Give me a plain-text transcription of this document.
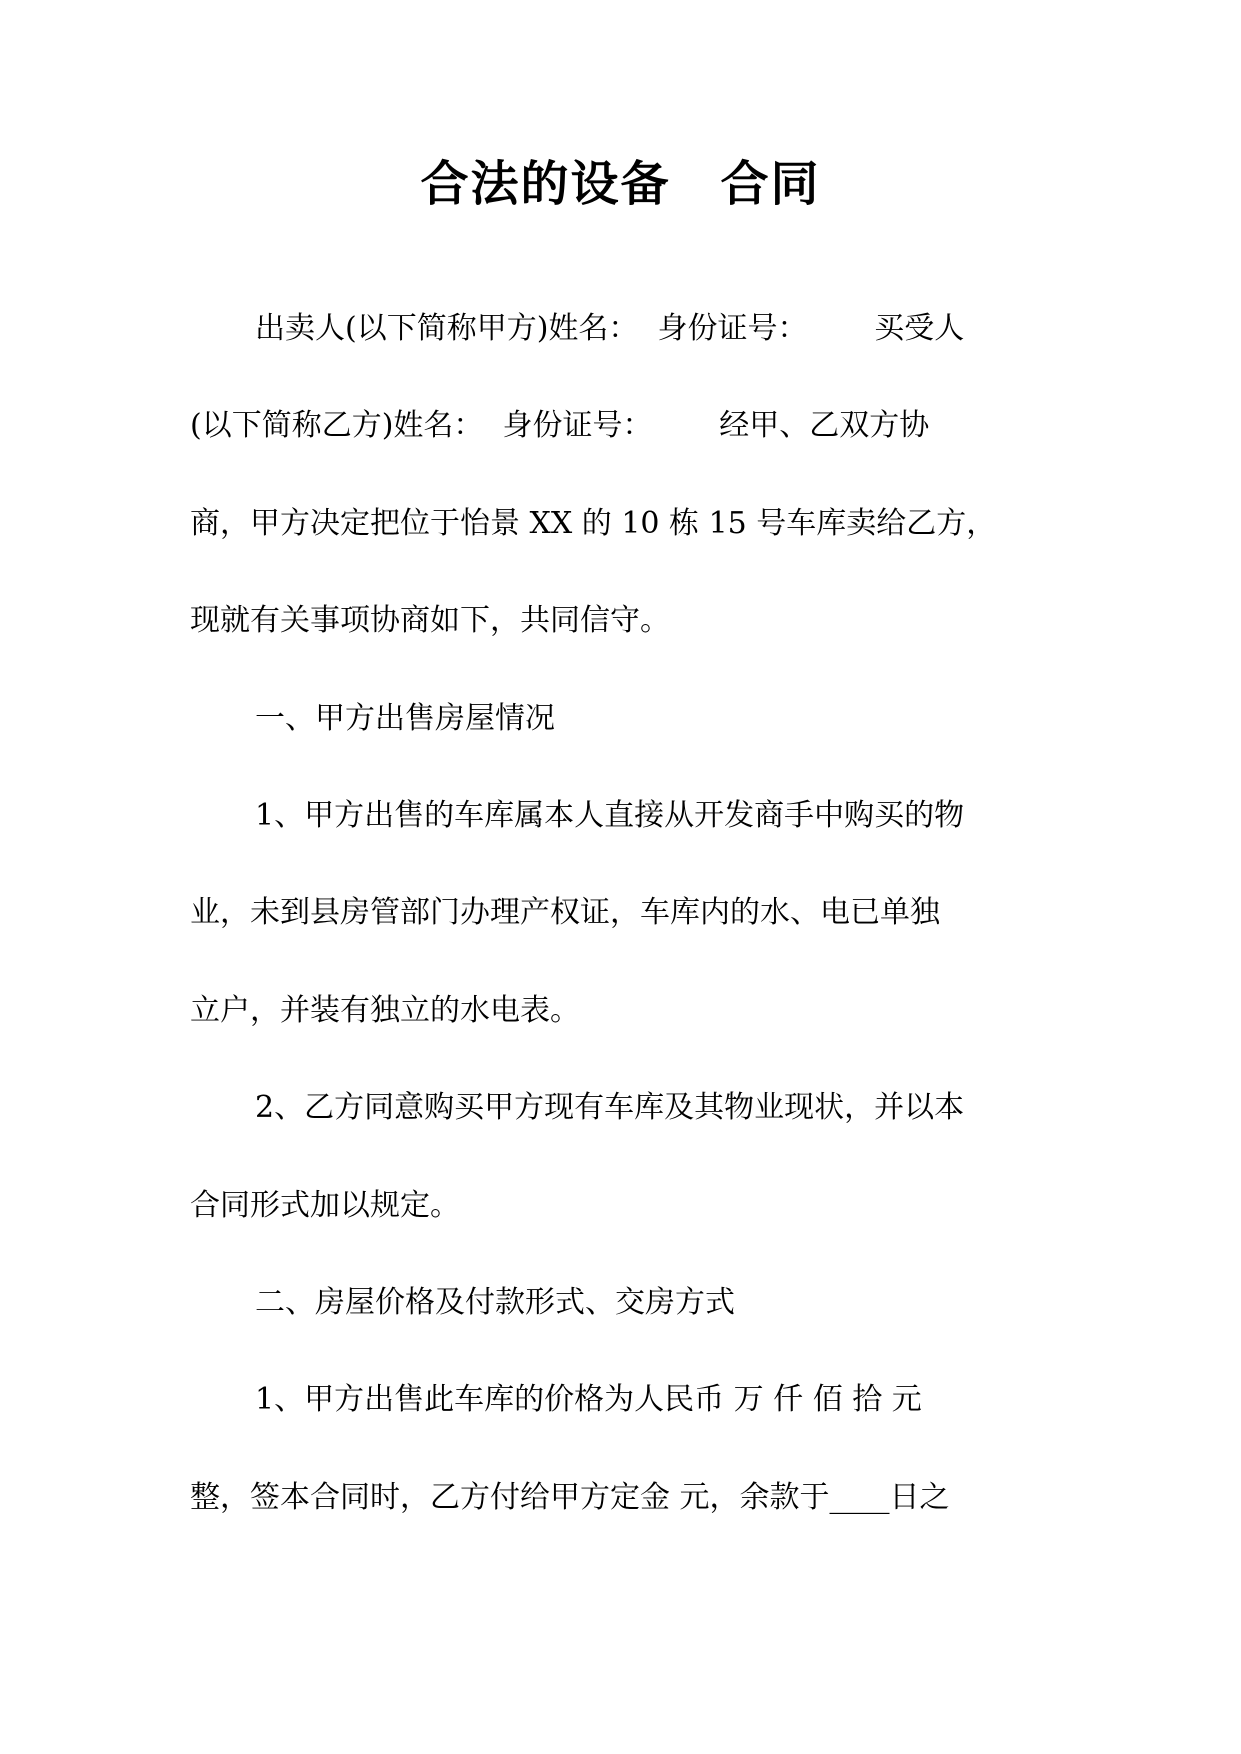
合法的设备　合同

出卖人(以下简称甲方)姓名：  身份证号：       买受人

(以下简称乙方)姓名：  身份证号：       经甲、乙双方协

商，甲方决定把位于怡景 XX 的 10 栋 15 号车库卖给乙方，

现就有关事项协商如下，共同信守。

一、甲方出售房屋情况

1、甲方出售的车库属本人直接从开发商手中购买的物

业，未到县房管部门办理产权证，车库内的水、电已单独

立户，并装有独立的水电表。

2、乙方同意购买甲方现有车库及其物业现状，并以本

合同形式加以规定。

二、房屋价格及付款形式、交房方式

1、甲方出售此车库的价格为人民币 万 仟 佰 拾 元

整，签本合同时，乙方付给甲方定金 元，余款于____日之
